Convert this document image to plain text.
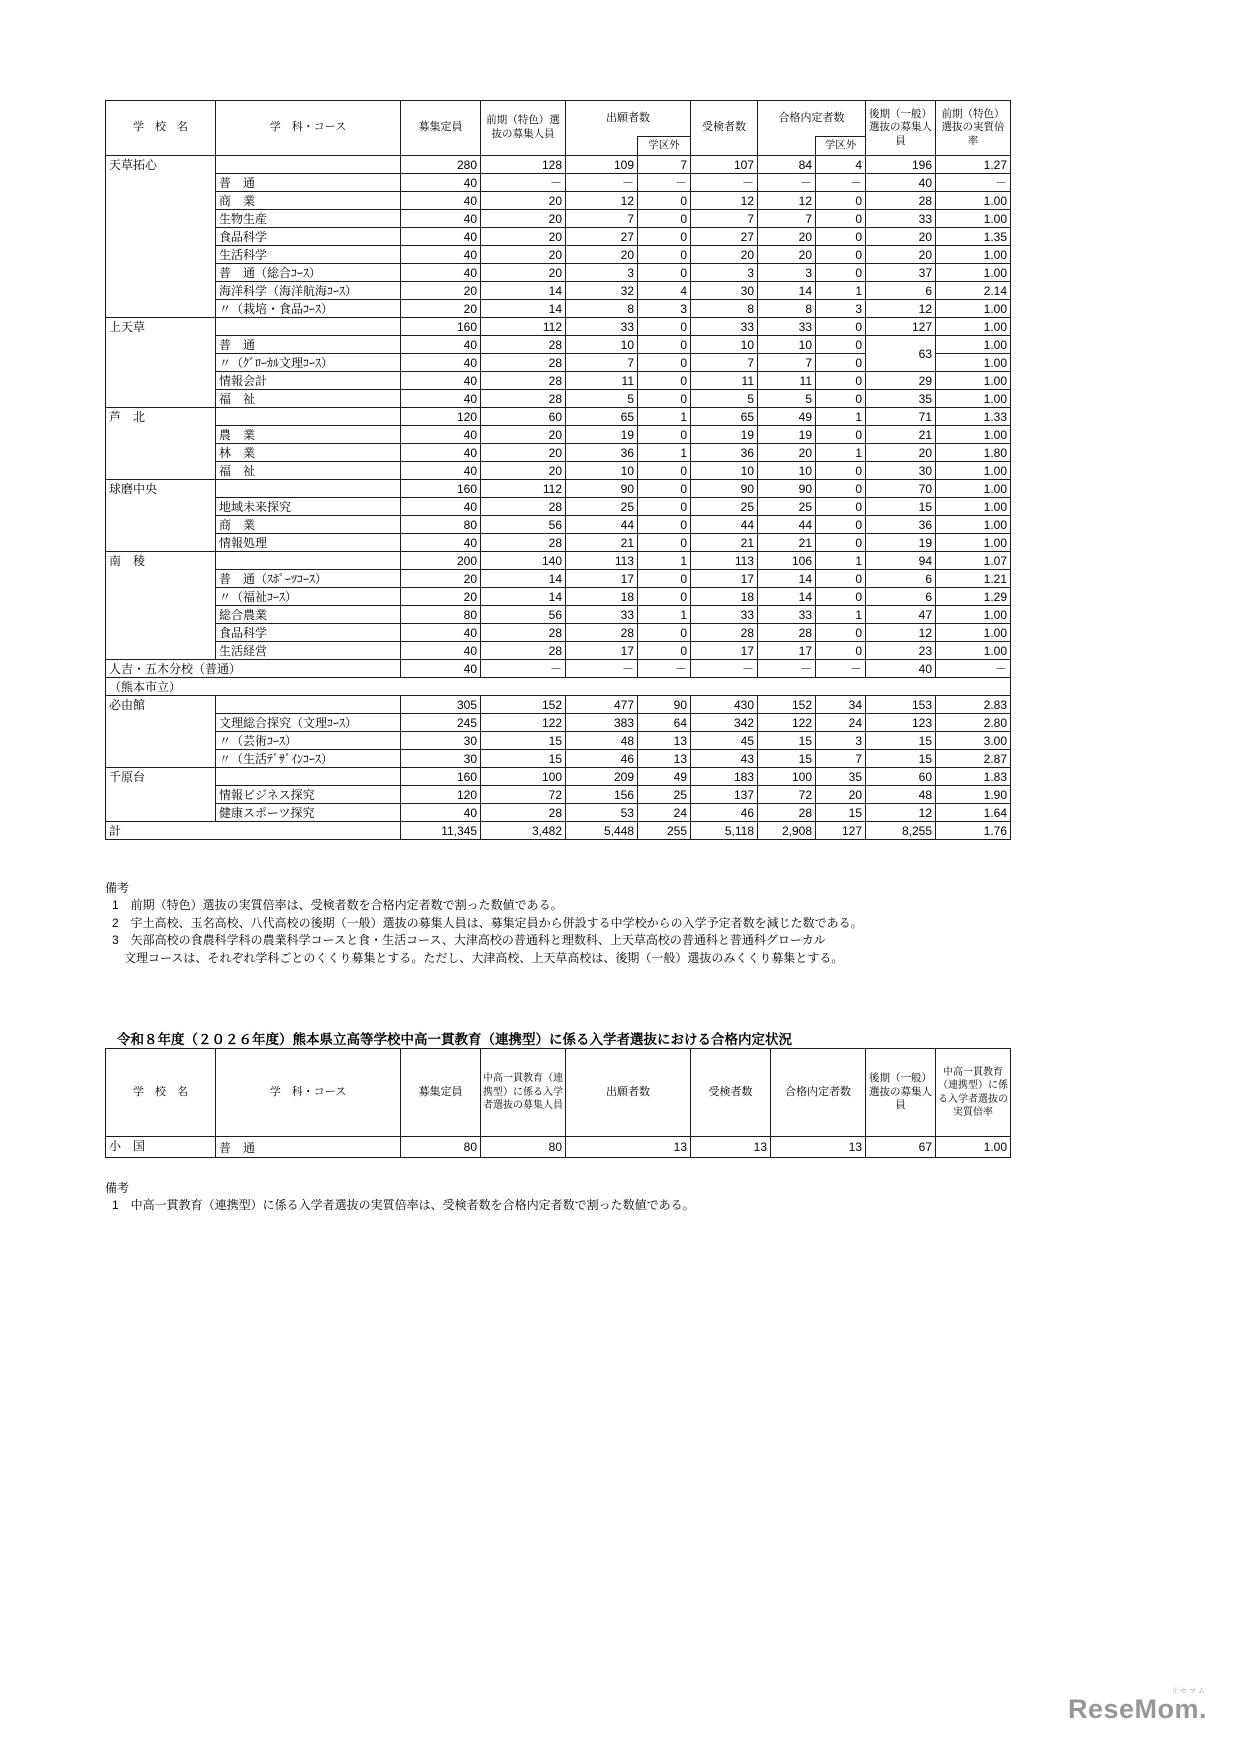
学　校　名	学　科・コース	募集定員	前期（特色）選抜の募集人員	出願者数		受検者数	合格内定者数		後期（一般）選抜の募集人員	前期（特色）選抜の実質倍率
					学区外			学区外		
天草拓心		280	128	109	7	107	84	4	196	1.27
	普　通	40	－	－	－	－	－	－	40	－
	商　業	40	20	12	0	12	12	0	28	1.00
	生物生産	40	20	7	0	7	7	0	33	1.00
	食品科学	40	20	27	0	27	20	0	20	1.35
	生活科学	40	20	20	0	20	20	0	20	1.00
	普　通（総合ｺｰｽ）	40	20	3	0	3	3	0	37	1.00
	海洋科学（海洋航海ｺｰｽ）	20	14	32	4	30	14	1	6	2.14
	〃（栽培・食品ｺｰｽ）	20	14	8	3	8	8	3	12	1.00
上天草		160	112	33	0	33	33	0	127	1.00
	普　通	40	28	10	0	10	10	0	63	1.00
	〃（ｸﾞﾛｰｶﾙ文理ｺｰｽ）	40	28	7	0	7	7	0		1.00
	情報会計	40	28	11	0	11	11	0	29	1.00
	福　祉	40	28	5	0	5	5	0	35	1.00
芦　北		120	60	65	1	65	49	1	71	1.33
	農　業	40	20	19	0	19	19	0	21	1.00
	林　業	40	20	36	1	36	20	1	20	1.80
	福　祉	40	20	10	0	10	10	0	30	1.00
球磨中央		160	112	90	0	90	90	0	70	1.00
	地域未来探究	40	28	25	0	25	25	0	15	1.00
	商　業	80	56	44	0	44	44	0	36	1.00
	情報処理	40	28	21	0	21	21	0	19	1.00
南　稜		200	140	113	1	113	106	1	94	1.07
	普　通（ｽﾎﾟｰﾂｺｰｽ）	20	14	17	0	17	14	0	6	1.21
	〃（福祉ｺｰｽ）	20	14	18	0	18	14	0	6	1.29
	総合農業	80	56	33	1	33	33	1	47	1.00
	食品科学	40	28	28	0	28	28	0	12	1.00
	生活経営	40	28	17	0	17	17	0	23	1.00
人吉・五木分校（普通）		40	－	－	－	－	－	－	40	－
（熊本市立）										
必由館		305	152	477	90	430	152	34	153	2.83
	文理総合探究（文理ｺｰｽ）	245	122	383	64	342	122	24	123	2.80
	〃（芸術ｺｰｽ）	30	15	48	13	45	15	3	15	3.00
	〃（生活ﾃﾞｻﾞｲﾝｺｰｽ）	30	15	46	13	43	15	7	15	2.87
千原台		160	100	209	49	183	100	35	60	1.83
	情報ビジネス探究	120	72	156	25	137	72	20	48	1.90
	健康スポーツ探究	40	28	53	24	46	28	15	12	1.64
計		11,345	3,482	5,448	255	5,118	2,908	127	8,255	1.76
備考
1　前期（特色）選抜の実質倍率は、受検者数を合格内定者数で割った数値である。
2　宇土高校、玉名高校、八代高校の後期（一般）選抜の募集人員は、募集定員から併設する中学校からの入学予定者数を減じた数である。
3　矢部高校の食農科学科の農業科学コースと食・生活コース、大津高校の普通科と理数科、上天草高校の普通科と普通科グローカル
　文理コースは、それぞれ学科ごとのくくり募集とする。ただし、大津高校、上天草高校は、後期（一般）選抜のみくくり募集とする。
令和８年度（２０２６年度）熊本県立高等学校中高一貫教育（連携型）に係る入学者選抜における合格内定状況
学　校　名	学　科・コース	募集定員	中高一貫教育（連携型）に係る入学者選抜の募集人員	出願者数	受検者数	合格内定者数	後期（一般）選抜の募集人員	中高一貫教育（連携型）に係る入学者選抜の実質倍率
小　国	普　通	80	80	13	13	13	67	1.00
備考
1　中高一貫教育（連携型）に係る入学者選抜の実質倍率は、受検者数を合格内定者数で割った数値である。
リセマム
ReseMom.
